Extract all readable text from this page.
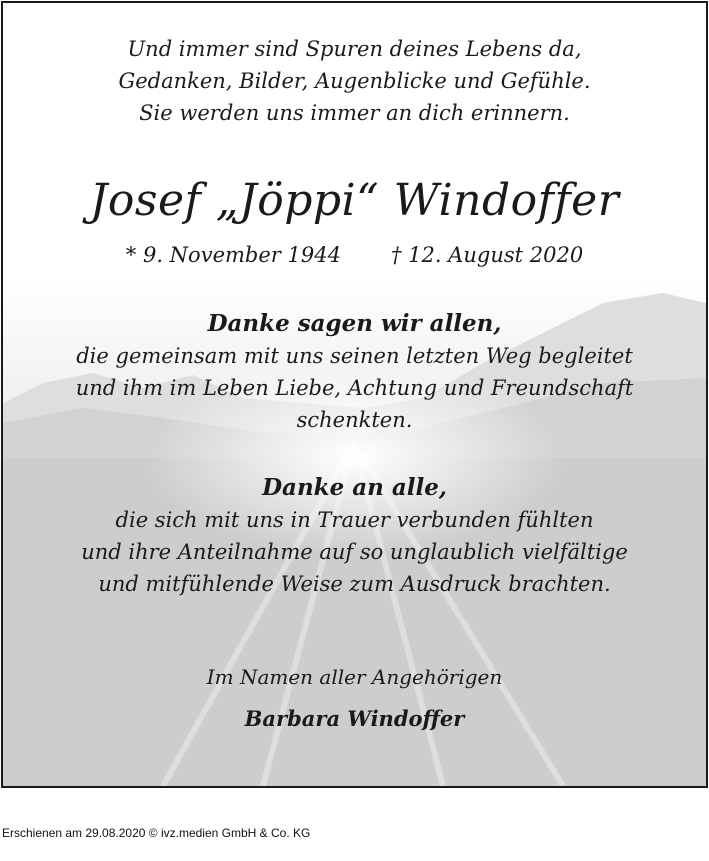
Und immer sind Spuren deines Lebens da,
Gedanken, Bilder, Augenblicke und Gefühle.
Sie werden uns immer an dich erinnern.
Josef „Jöppi“ Windoffer
* 9. November 1944 † 12. August 2020
Danke sagen wir allen,
die gemeinsam mit uns seinen letzten Weg begleitet
und ihm im Leben Liebe, Achtung und Freundschaft
schenkten.
Danke an alle,
die sich mit uns in Trauer verbunden fühlten
und ihre Anteilnahme auf so unglaublich vielfältige
und mitfühlende Weise zum Ausdruck brachten.
Im Namen aller Angehörigen
Barbara Windoffer
Erschienen am 29.08.2020 © ivz.medien GmbH & Co. KG
